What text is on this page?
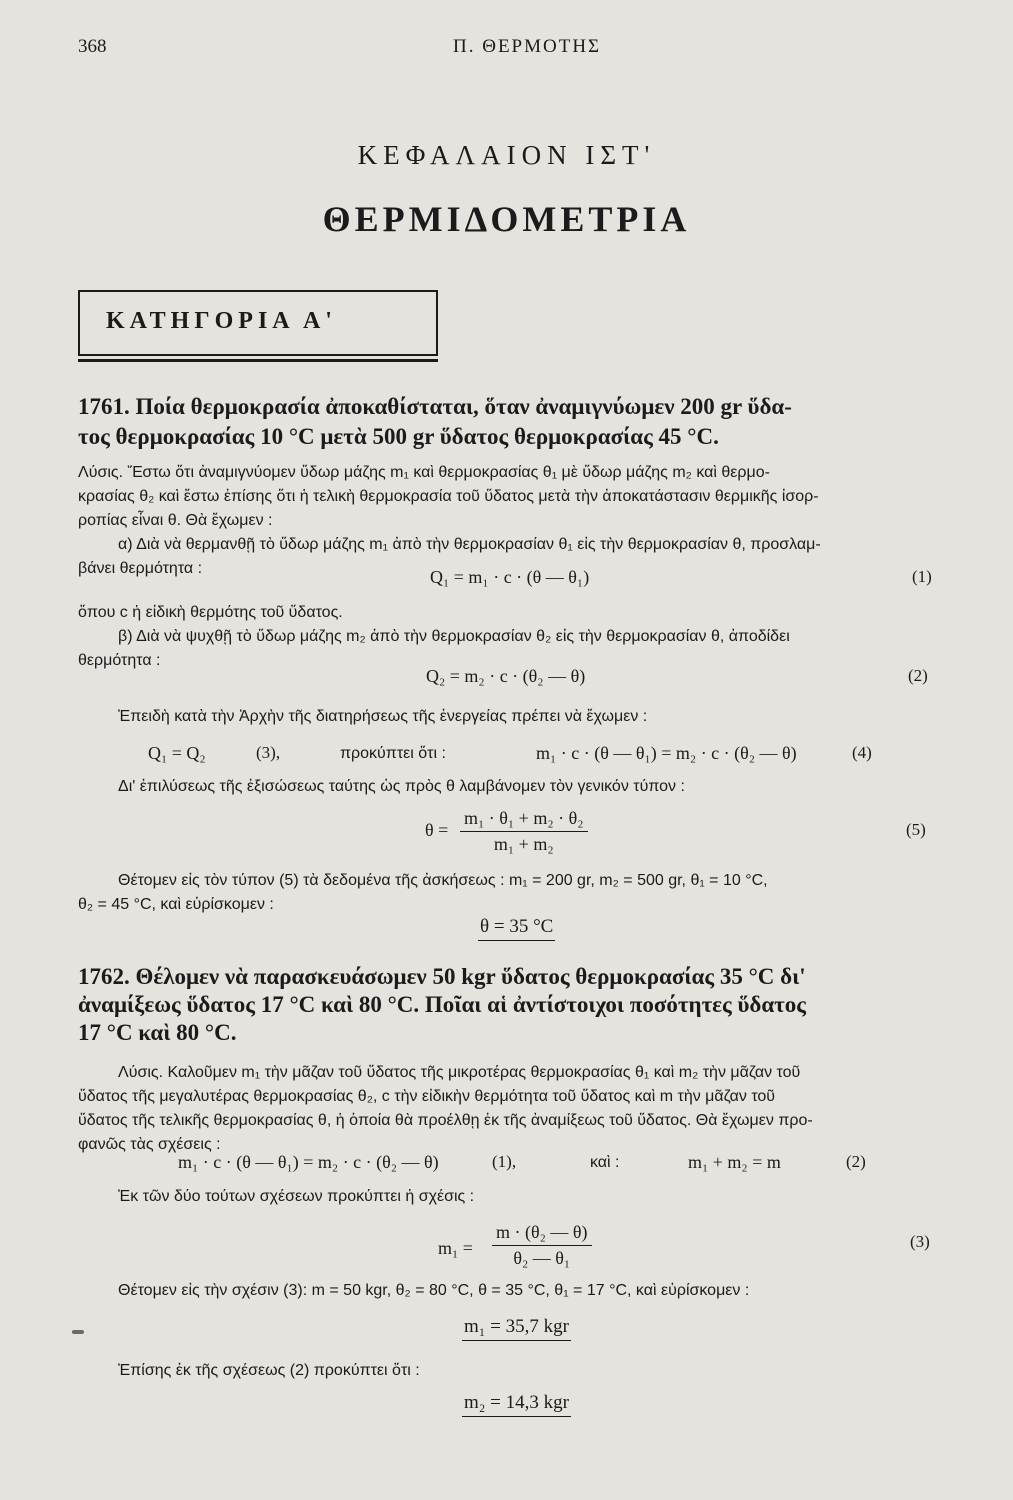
368	Π. ΘΕΡΜΟΤΗΣ
ΚΕΦΑΛΑΙΟΝ ΙΣΤ'
ΘΕΡΜΙΔΟΜΕΤΡΙΑ
ΚΑΤΗΓΟΡΙΑ Α'
1761. Ποία θερμοκρασία ἀποκαθίσταται, ὅταν ἀναμιγνύωμεν 200 gr ὕδα-
τος θερμοκρασίας 10 °C μετὰ 500 gr ὕδατος θερμοκρασίας 45 °C.
Λύσις. Ἔστω ὅτι ἀναμιγνύομεν ὕδωρ μάζης m₁ καὶ θερμοκρασίας θ₁ μὲ ὕδωρ μάζης m₂ καὶ θερμο-
κρασίας θ₂ καὶ ἔστω ἐπίσης ὅτι ἡ τελικὴ θερμοκρασία τοῦ ὕδατος μετὰ τὴν ἀποκατάστασιν θερμικῆς ἰσορ-
ροπίας εἶναι θ. Θὰ ἔχωμεν :
α) Διὰ νὰ θερμανθῇ τὸ ὕδωρ μάζης m₁ ἀπὸ τὴν θερμοκρασίαν θ₁ εἰς τὴν θερμοκρασίαν θ, προσλαμ-
βάνει θερμότητα :	Q₁ = m₁ · c · (θ — θ₁)	(1)
ὅπου c ἡ εἰδικὴ θερμότης τοῦ ὕδατος.
β) Διὰ νὰ ψυχθῇ τὸ ὕδωρ μάζης m₂ ἀπὸ τὴν θερμοκρασίαν θ₂ εἰς τὴν θερμοκρασίαν θ, ἀποδίδει
θερμότητα :
Q₂ = m₂ · c · (θ₂ — θ)	(2)
Ἐπειδὴ κατὰ τὴν Ἀρχὴν τῆς διατηρήσεως τῆς ἐνεργείας πρέπει νὰ ἔχωμεν :
Q₁ = Q₂	(3),	προκύπτει ὅτι :	m₁ · c · (θ — θ₁) = m₂ · c · (θ₂ — θ)	(4)
Δι' ἐπιλύσεως τῆς ἐξισώσεως ταύτης ὡς πρὸς θ λαμβάνομεν τὸν γενικόν τύπον :
$\theta = \frac{\text{m₁ · θ₁ + m₂ · θ₂}}{\text{m₁ + m₂}}$	(5)
Θέτομεν εἰς τὸν τύπον (5) τὰ δεδομένα τῆς ἀσκήσεως : m₁ = 200 gr, m₂ = 500 gr, θ₁ = 10 °C,
θ₂ = 45 °C, καὶ εὑρίσκομεν :
θ = 35 °C
1762. Θέλομεν νὰ παρασκευάσωμεν 50 kgr ὕδατος θερμοκρασίας 35 °C δι'
ἀναμίξεως ὕδατος 17 °C καὶ 80 °C. Ποῖαι αἱ ἀντίστοιχοι ποσότητες ὕδατος
17 °C καὶ 80 °C.
Λύσις. Καλοῦμεν m₁ τὴν μᾶζαν τοῦ ὕδατος τῆς μικροτέρας θερμοκρασίας θ₁ καὶ m₂ τὴν μᾶζαν τοῦ
ὕδατος τῆς μεγαλυτέρας θερμοκρασίας θ₂, c τὴν εἰδικὴν θερμότητα τοῦ ὕδατος καὶ m τὴν μᾶζαν τοῦ
ὕδατος τῆς τελικῆς θερμοκρασίας θ, ἡ ὁποία θὰ προέλθῃ ἐκ τῆς ἀναμίξεως τοῦ ὕδατος. Θὰ ἔχωμεν προ-
φανῶς τὰς σχέσεις :
m₁ · c · (θ — θ₁) = m₂ · c · (θ₂ — θ)	(1),	καὶ :	m₁ + m₂ = m	(2)
Ἐκ τῶν δύο τούτων σχέσεων προκύπτει ἡ σχέσις :
$m_1 = \frac{\text{m · (θ₂ — θ)}}{\text{θ₂ — θ₁}}$	(3)
Θέτομεν εἰς τὴν σχέσιν (3): m = 50 kgr, θ₂ = 80 °C, θ = 35 °C, θ₁ = 17 °C, καὶ εὑρίσκομεν :
m₁ = 35,7 kgr
Ἐπίσης ἐκ τῆς σχέσεως (2) προκύπτει ὅτι :
m₂ = 14,3 kgr
